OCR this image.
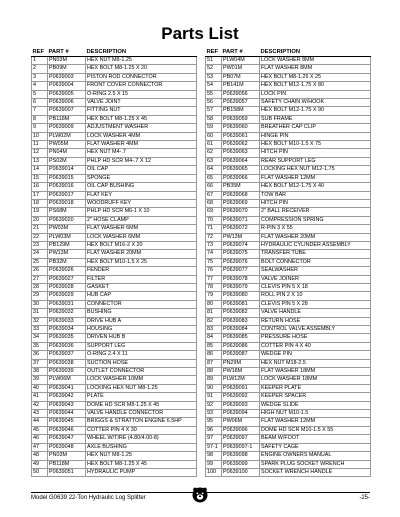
Parts List
REF	PART #	DESCRIPTION
1	PN03M	HEX NUT M8-1.25
2	PB09M	HEX BOLT M8-1.25 X 20
3	P0639003	PISTON ROD CONNECTOR
4	P0639004	FRONT COVER CONNECTOR
5	P0639005	O-RING 2.5 X 15
6	P0639006	VALVE JOINT
7	P0639007	FITTING NUT
8	PB118M	HEX BOLT M8-1.25 X 45
9	P0639009	ADJUSTMENT WASHER
10	PLW02M	LOCK WASHER 4MM
11	PW05M	FLAT WASHER 4MM
12	PN04M	HEX NUT M4-.7
13	PS02M	PHLP HD SCR M4-.7 X 12
14	P0639014	OIL CAP
15	P0639015	SPONGE
16	P0639016	OIL CAP BUSHING
17	P0639017	FLAT KEY
18	P0639018	WOODRUFF KEY
19	PS68M	PHLP HD SCR M6-1 X 10
20	P0639020	2" HOSE CLAMP
21	PW03M	FLAT WASHER 6MM
22	PLW03M	LOCK WASHER 6MM
23	PB129M	HEX BOLT M16-2 X 20
24	PW13M	FLAT WASHER 20MM
25	PB32M	HEX BOLT M10-1.5 X 25
26	P0639026	FENDER
27	P0639027	FILTER
28	P0639028	GASKET
29	P0639029	HUB CAP
30	P0639031	CONNECTOR
31	P0639032	BUSHING
32	P0639033	DRIVE HUB A
33	P0639034	HOUSING
34	P0639035	DRIVEN HUB B
35	P0639036	SUPPORT LEG
36	P0639037	O-RING 2.4 X 11
37	P0639038	SUCTION HOSE
38	P0639039	OUTLET CONNECTOR
39	PLW06M	LOCK WASHER 10MM
40	P0639041	LOCKING HEX NUT M8-1.25
41	P0639042	PLATE
42	P0639043	DOME HD SCR M8-1.25 X 45
43	P0639044	VALVE HANDLE CONNECTOR
44	P0639045	BRIGGS & STRATTON ENGINE 6.5HP
45	P0639046	COTTER PIN 4 X 30
46	P0639047	WHEEL W/TIRE (4.80/4.00-8)
47	P0639048	AXLE BUSHING
48	PN03M	HEX NUT M8-1.25
49	PB118M	HEX BOLT M8-1.25 X 45
50	P0639051	HYDRAULIC PUMP
REF	PART #	DESCRIPTION
51	PLW04M	LOCK WASHER 8MM
52	PW01M	FLAT WASHER 8MM
53	PB07M	HEX BOLT M8-1.25 X 25
54	PB141M	HEX BOLT M12-1.75 X 80
55	P0639056	LOCK PIN
56	P0639057	SAFETY CHAIN W/HOOK
57	PB158M	HEX BOLT M12-1.75 X 90
58	P0639059	SUB FRAME
59	P0639060	BREATHER CAP CLIP
60	P0639061	HINGE PIN
61	P0639062	HEX BOLT M10-1.5 X 75
62	P0639063	HITCH PIN
63	P0639064	REAR SUPPORT LEG
64	P0639065	LOCKING HEX NUT M12-1.75
65	P0639066	FLAT WASHER 12MM
66	PB35M	HEX BOLT M12-1.75 X 40
67	P0639068	TOW BAR
68	P0639069	HITCH PIN
69	P0639070	2" BALL RECEIVER
70	P0639071	COMPRESSION SPRING
71	P0639072	R-PIN 3 X 55
72	PW13M	FLAT WASHER 20MM
73	P0639074	HYDRAULIC CYLINDER ASSEMBLY
74	P0639075	TRANSFER TUBE
75	P0639076	BOLT CONNECTOR
76	P0639077	SEALWASHER
77	P0639078	VALVE JOINER
78	P0639079	CLEVIS PIN 5 X 18
79	P0639080	ROLL PIN 2 X 10
80	P0639081	CLEVIS PIN 5 X 28
81	P0639082	VALVE HANDLE
82	P0639083	RETURN HOSE
83	P0639084	CONTROL VALVE ASSEMBLY
84	P0639085	PRESSURE HOSE
85	P0639086	COTTER PIN 4 X 40
86	P0639087	WEDGE PIN
87	PN29M	HEX NUT M18-2.5
88	PW18M	FLAT WASHER 18MM
89	PLW12M	LOCK WASHER 18MM
90	P0639091	KEEPER PLATE
91	P0639092	KEEPER SPACER
92	P0639093	WEDGE SLIDE
93	P0639094	HIGH NUT M10-1.5
95	PW06M	FLAT WASHER 12MM
96	P0639096	DOME HD SCR M10-1.5 X 55
97	P0639097	BEAM W/FOOT
97-1	P0639097-1	SAFETY CAGE
98	P0639098	ENGINE OWNERS MANUAL
99	P0639099	SPARK PLUG SOCKET WRENCH
100	P0639100	SOCKET WRENCH HANDLE
Model G0639 22-Ton Hydraulic Log Splitter	-25-
